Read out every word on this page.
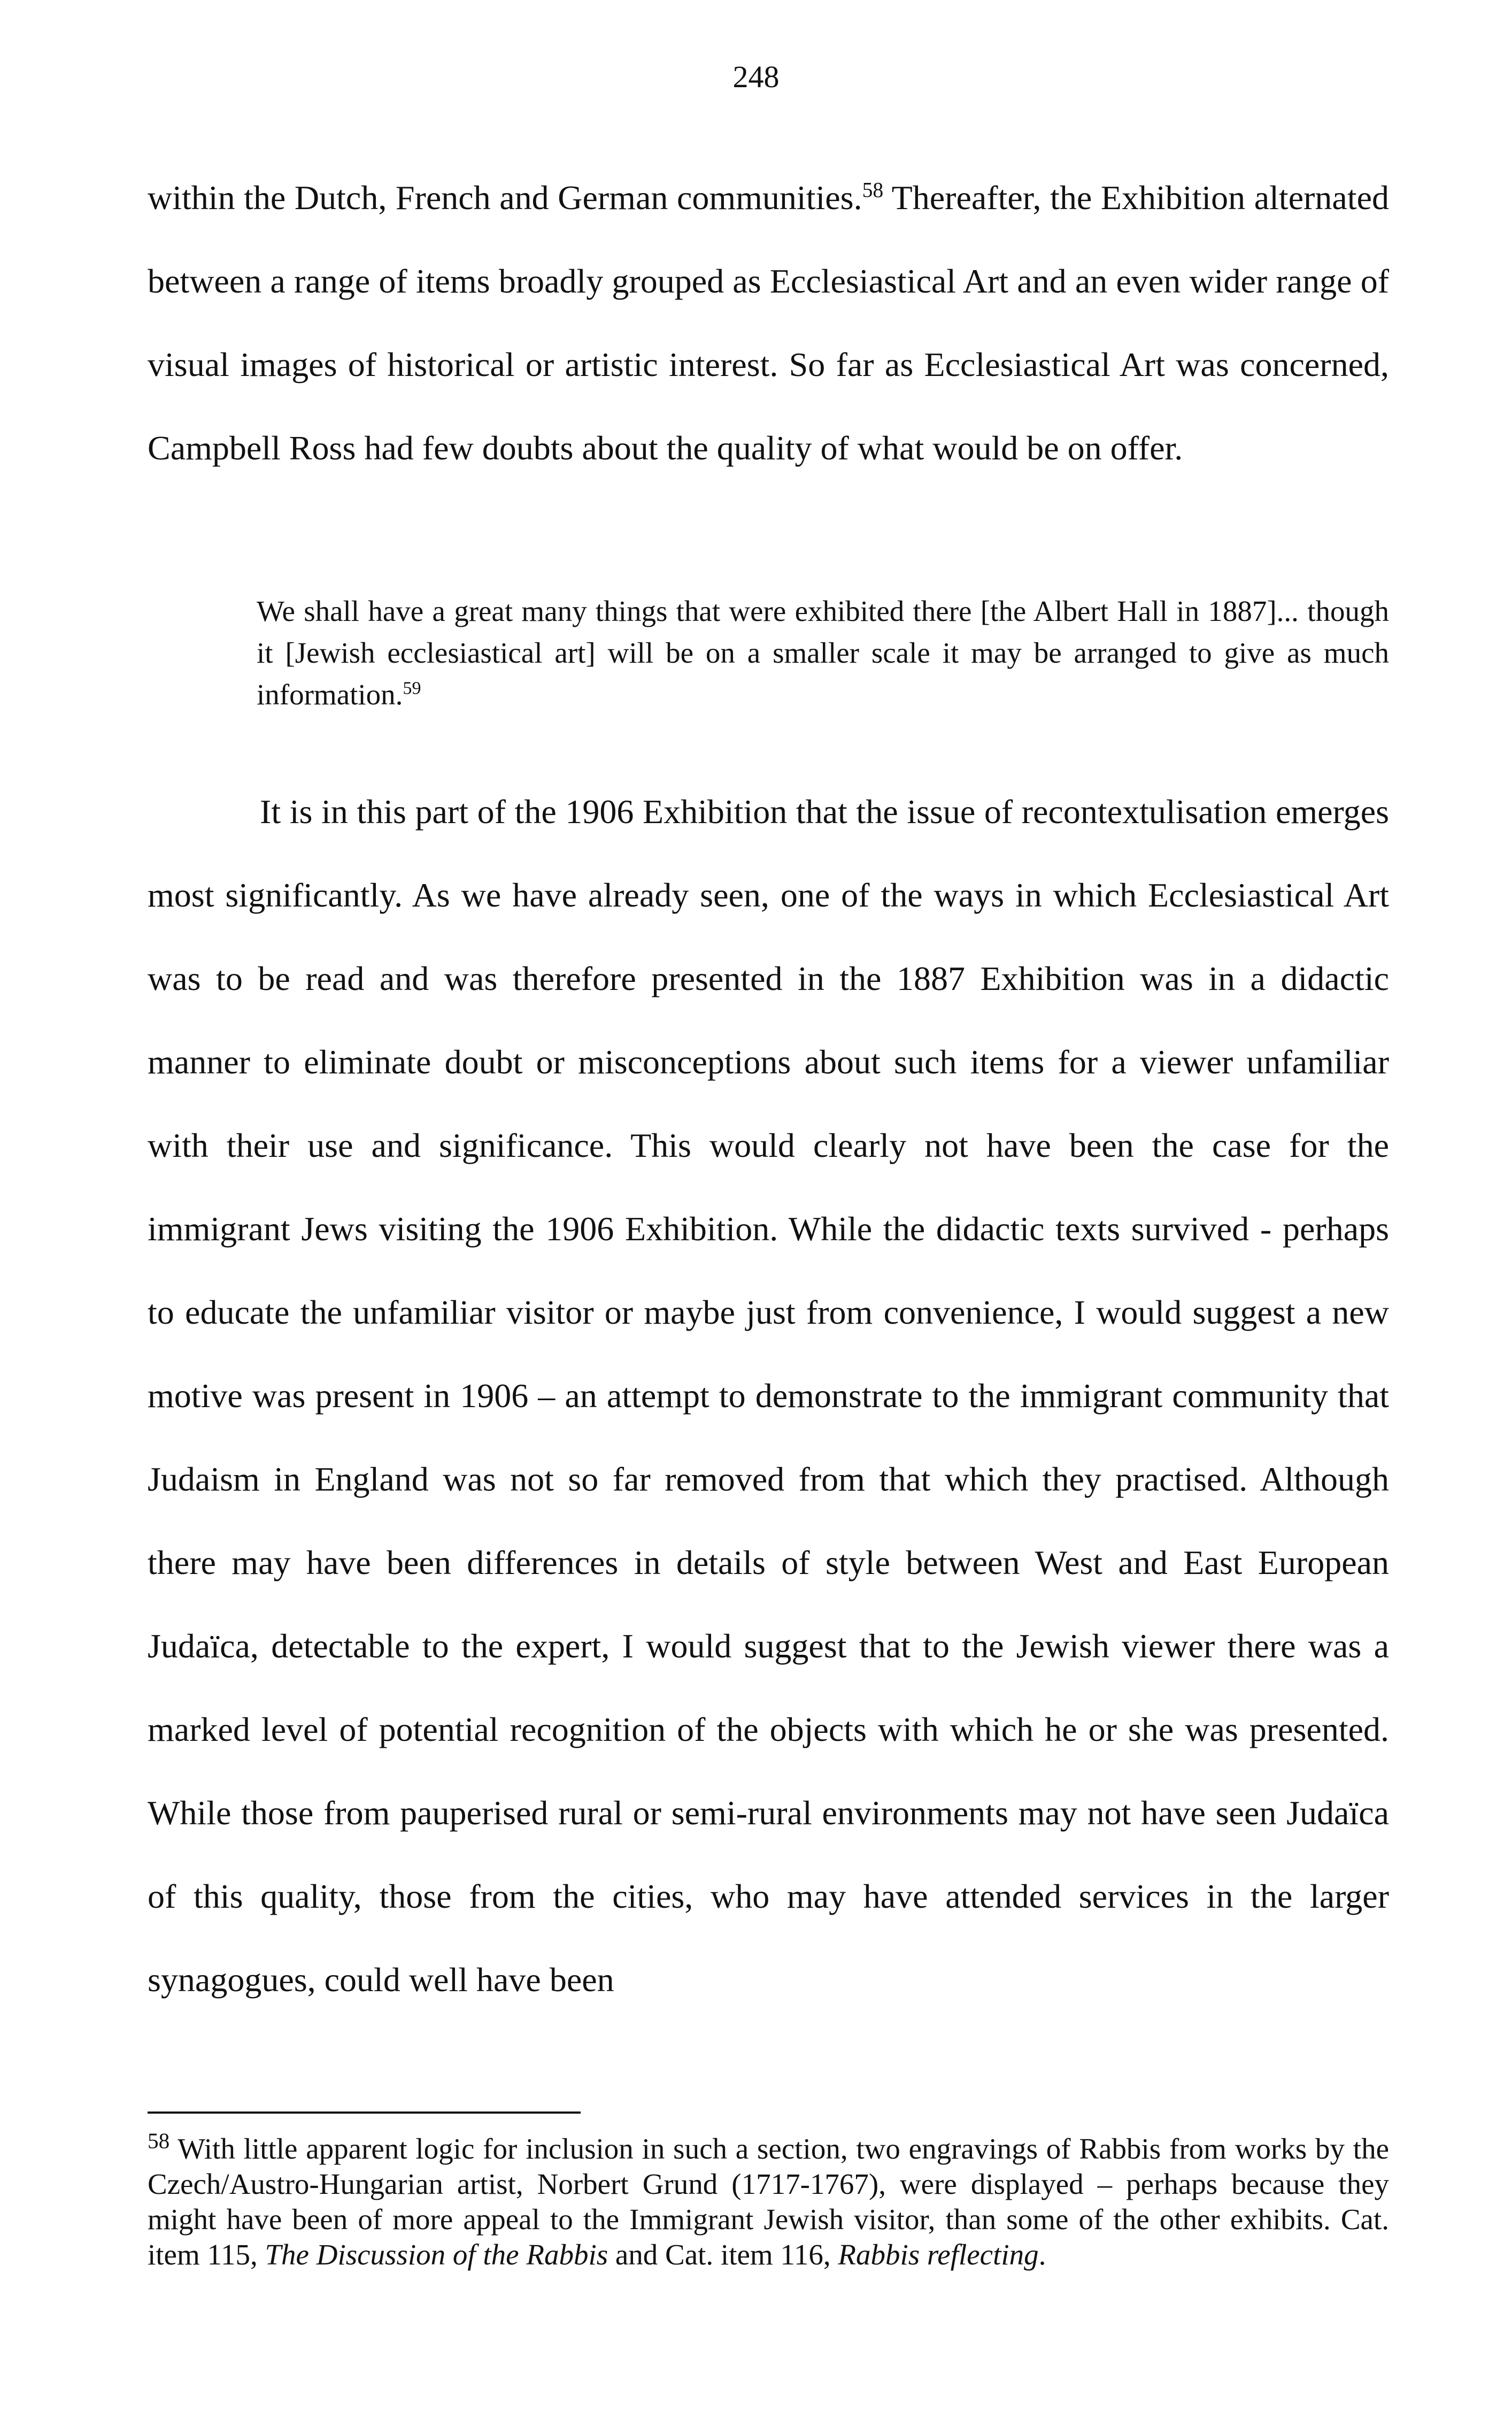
248

within the Dutch, French and German communities.$^{58}$ Thereafter, the Exhibition alternated between a range of items broadly grouped as Ecclesiastical Art and an even wider range of visual images of historical or artistic interest. So far as Ecclesiastical Art was concerned, Campbell Ross had few doubts about the quality of what would be on offer.

We shall have a great many things that were exhibited there [the Albert Hall in 1887]... though it [Jewish ecclesiastical art] will be on a smaller scale it may be arranged to give as much information.$^{59}$

It is in this part of the 1906 Exhibition that the issue of recontextulisation emerges most significantly. As we have already seen, one of the ways in which Ecclesiastical Art was to be read and was therefore presented in the 1887 Exhibition was in a didactic manner to eliminate doubt or misconceptions about such items for a viewer unfamiliar with their use and significance. This would clearly not have been the case for the immigrant Jews visiting the 1906 Exhibition. While the didactic texts survived - perhaps to educate the unfamiliar visitor or maybe just from convenience, I would suggest a new motive was present in 1906 – an attempt to demonstrate to the immigrant community that Judaism in England was not so far removed from that which they practised. Although there may have been differences in details of style between West and East European Judaïca, detectable to the expert, I would suggest that to the Jewish viewer there was a marked level of potential recognition of the objects with which he or she was presented. While those from pauperised rural or semi-rural environments may not have seen Judaïca of this quality, those from the cities, who may have attended services in the larger synagogues, could well have been

$^{58}$ With little apparent logic for inclusion in such a section, two engravings of Rabbis from works by the Czech/Austro-Hungarian artist, Norbert Grund (1717-1767), were displayed – perhaps because they might have been of more appeal to the Immigrant Jewish visitor, than some of the other exhibits. Cat. item 115, The Discussion of the Rabbis and Cat. item 116, Rabbis reflecting.
